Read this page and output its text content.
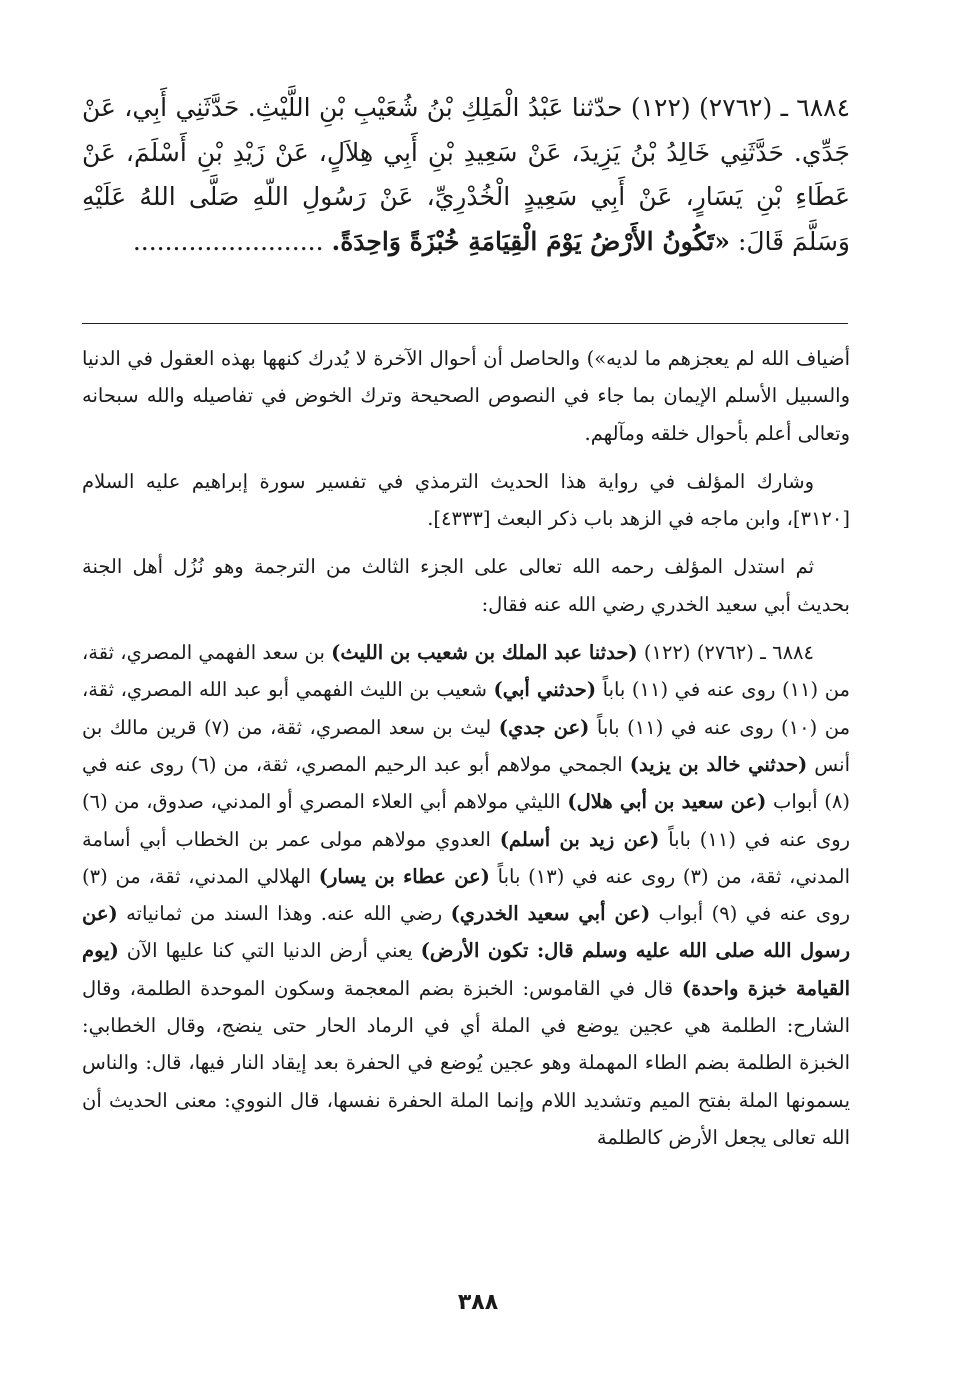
٦٨٨٤ ـ (٢٧٦٢) (١٢٢) حدّثنا عَبْدُ الْمَلِكِ بْنُ شُعَيْبِ بْنِ اللَّيْثِ. حَدَّثَنِي أَبِي، عَنْ جَدِّي. حَدَّثَنِي خَالِدُ بْنُ يَزِيدَ، عَنْ سَعِيدِ بْنِ أَبِي هِلاَلٍ، عَنْ زَيْدِ بْنِ أَسْلَمَ، عَنْ عَطَاءِ بْنِ يَسَارٍ، عَنْ أَبِي سَعِيدٍ الْخُدْرِيِّ، عَنْ رَسُولِ اللّهِ صَلَّى اللهُ عَلَيْهِ وَسَلَّمَ قَالَ: «تَكُونُ الأَرْضُ يَوْمَ الْقِيَامَةِ خُبْزَةً وَاحِدَةً. ........................

أضياف الله لم يعجزهم ما لديه») والحاصل أن أحوال الآخرة لا يُدرك كنهها بهذه العقول في الدنيا والسبيل الأسلم الإيمان بما جاء في النصوص الصحيحة وترك الخوض في تفاصيله والله سبحانه وتعالى أعلم بأحوال خلقه ومآلهم.

وشارك المؤلف في رواية هذا الحديث الترمذي في تفسير سورة إبراهيم عليه السلام [٣١٢٠]، وابن ماجه في الزهد باب ذكر البعث [٤٣٣٣].

ثم استدل المؤلف رحمه الله تعالى على الجزء الثالث من الترجمة وهو نُزُل أهل الجنة بحديث أبي سعيد الخدري رضي الله عنه فقال:

٦٨٨٤ ـ (٢٧٦٢) (١٢٢) (حدثنا عبد الملك بن شعيب بن الليث) بن سعد الفهمي المصري، ثقة، من (١١) روى عنه في (١١) باباً (حدثني أبي) شعيب بن الليث الفهمي أبو عبد الله المصري، ثقة، من (١٠) روى عنه في (١١) باباً (عن جدي) ليث بن سعد المصري، ثقة، من (٧) قرين مالك بن أنس (حدثني خالد بن يزيد) الجمحي مولاهم أبو عبد الرحيم المصري، ثقة، من (٦) روى عنه في (٨) أبواب (عن سعيد بن أبي هلال) الليثي مولاهم أبي العلاء المصري أو المدني، صدوق، من (٦) روى عنه في (١١) باباً (عن زيد بن أسلم) العدوي مولاهم مولى عمر بن الخطاب أبي أسامة المدني، ثقة، من (٣) روى عنه في (١٣) باباً (عن عطاء بن يسار) الهلالي المدني، ثقة، من (٣) روى عنه في (٩) أبواب (عن أبي سعيد الخدري) رضي الله عنه. وهذا السند من ثمانياته (عن رسول الله صلى الله عليه وسلم قال: تكون الأرض) يعني أرض الدنيا التي كنا عليها الآن (يوم القيامة خبزة واحدة) قال في القاموس: الخبزة بضم المعجمة وسكون الموحدة الطلمة، وقال الشارح: الطلمة هي عجين يوضع في الملة أي في الرماد الحار حتى ينضج، وقال الخطابي: الخبزة الطلمة بضم الطاء المهملة وهو عجين يُوضع في الحفرة بعد إيقاد النار فيها، قال: والناس يسمونها الملة بفتح الميم وتشديد اللام وإنما الملة الحفرة نفسها، قال النووي: معنى الحديث أن الله تعالى يجعل الأرض كالطلمة

٣٨٨
